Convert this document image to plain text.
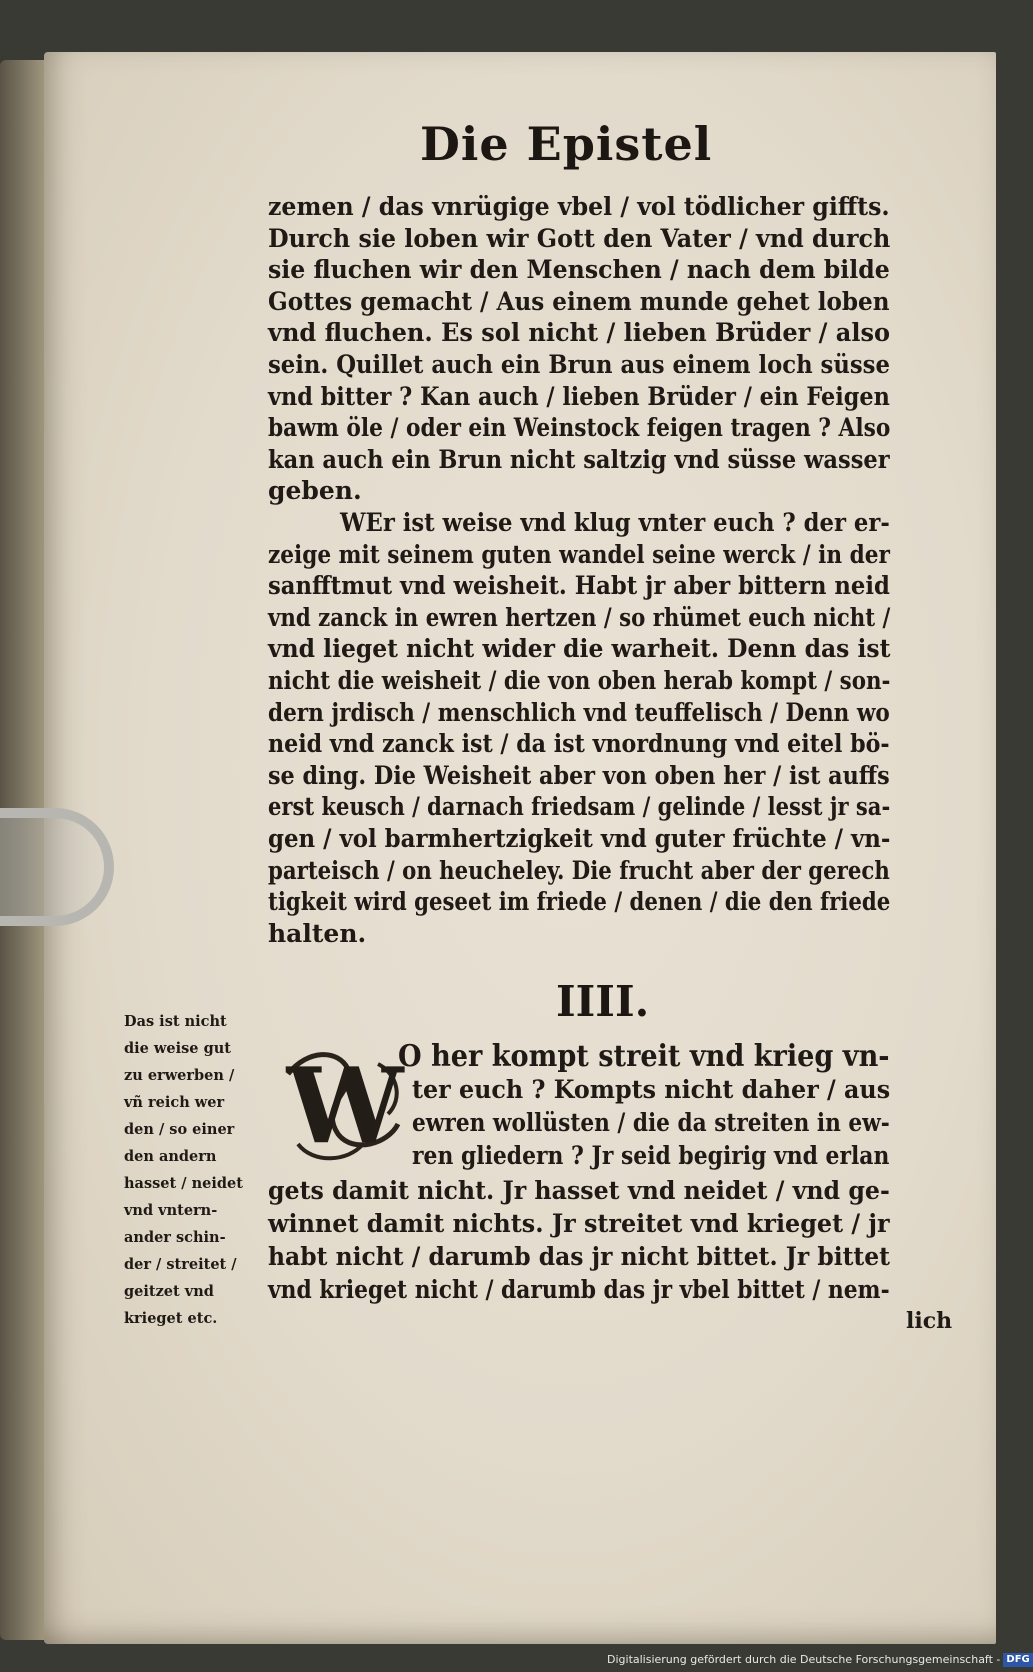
Die Epistel

zemen / das vnrügige vbel / vol tödlicher giffts.

Durch sie loben wir Gott den Vater / vnd durch

sie fluchen wir den Menschen / nach dem bilde

Gottes gemacht / Aus einem munde gehet loben

vnd fluchen. Es sol nicht / lieben Brüder / also

sein. Quillet auch ein Brun aus einem loch süsse

vnd bitter ? Kan auch / lieben Brüder / ein Feigen

bawm öle / oder ein Weinstock feigen tragen ? Also

kan auch ein Brun nicht saltzig vnd süsse wasser

geben.

WEr ist weise vnd klug vnter euch ? der er-

zeige mit seinem guten wandel seine werck / in der

sanfftmut vnd weisheit. Habt jr aber bittern neid

vnd zanck in ewren hertzen / so rhümet euch nicht /

vnd lieget nicht wider die warheit. Denn das ist

nicht die weisheit / die von oben herab kompt / son-

dern jrdisch / menschlich vnd teuffelisch / Denn wo

neid vnd zanck ist / da ist vnordnung vnd eitel bö-

se ding. Die Weisheit aber von oben her / ist auffs

erst keusch / darnach friedsam / gelinde / lesst jr sa-

gen / vol barmhertzigkeit vnd guter früchte / vn-

parteisch / on heucheley. Die frucht aber der gerech

tigkeit wird geseet im friede / denen / die den friede

halten.

IIII.
W

O her kompt streit vnd krieg vn-

ter euch ? Kompts nicht daher / aus

ewren wollüsten / die da streiten in ew-

ren gliedern ? Jr seid begirig vnd erlan

gets damit nicht. Jr hasset vnd neidet / vnd ge-

winnet damit nichts. Jr streitet vnd krieget / jr

habt nicht / darumb das jr nicht bittet. Jr bittet

vnd krieget nicht / darumb das jr vbel bittet / nem-

lich
Das ist nicht
die weise gut
zu erwerben /
vñ reich wer
den / so einer
den andern
hasset / neidet
vnd vntern-
ander schin-
der / streitet /
geitzet vnd
krieget etc.
Digitalisierung gefördert durch die Deutsche Forschungsgemeinschaft - DFG
